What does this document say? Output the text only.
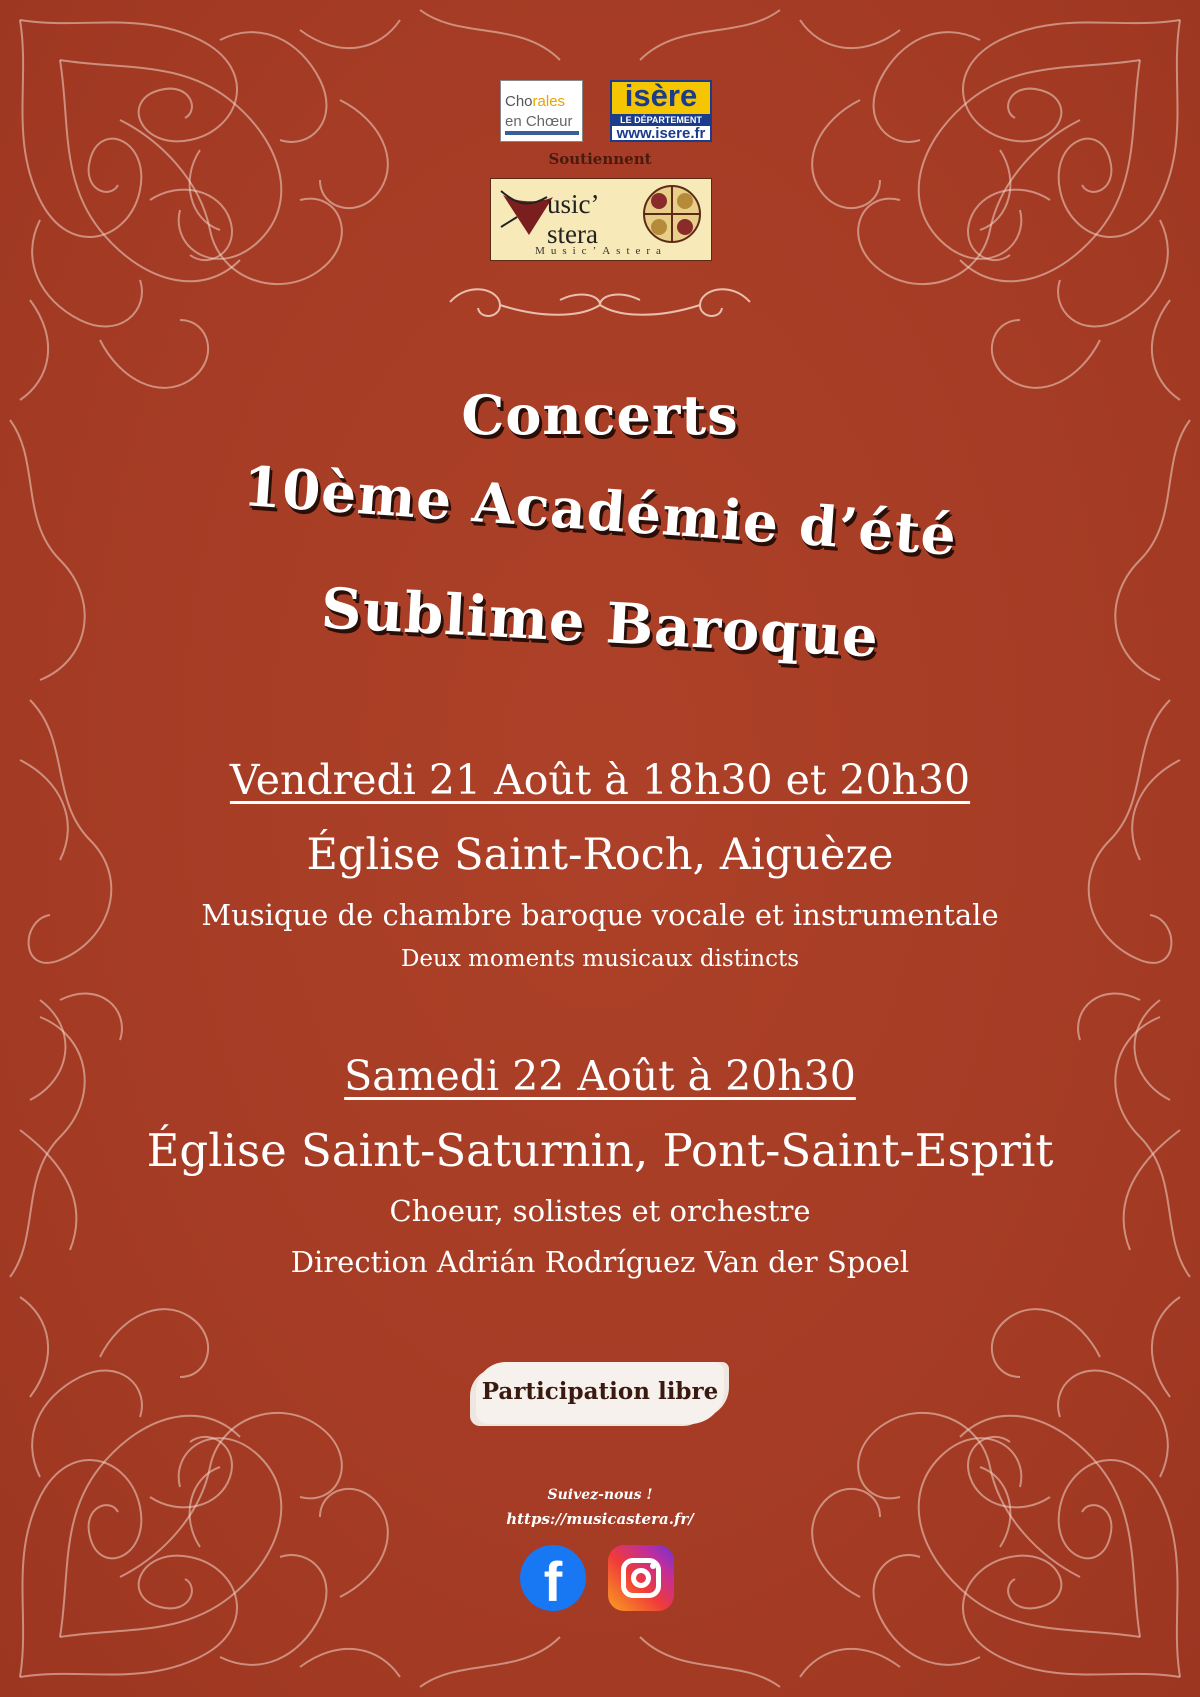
Chorales
en Chœur
isère
LE DÉPARTEMENT
www.isere.fr
Soutiennent
usic’
stera
Music’Astera
Concerts
10ème Académie d’été
Sublime Baroque
Vendredi 21 Août à 18h30 et 20h30
Église Saint-Roch, Aiguèze
Musique de chambre baroque vocale et instrumentale
Deux moments musicaux distincts
Samedi 22 Août à 20h30
Église Saint-Saturnin, Pont-Saint-Esprit
Choeur, solistes et orchestre
Direction Adrián Rodríguez Van der Spoel
Participation libre
Suivez-nous !
https://musicastera.fr/
f
